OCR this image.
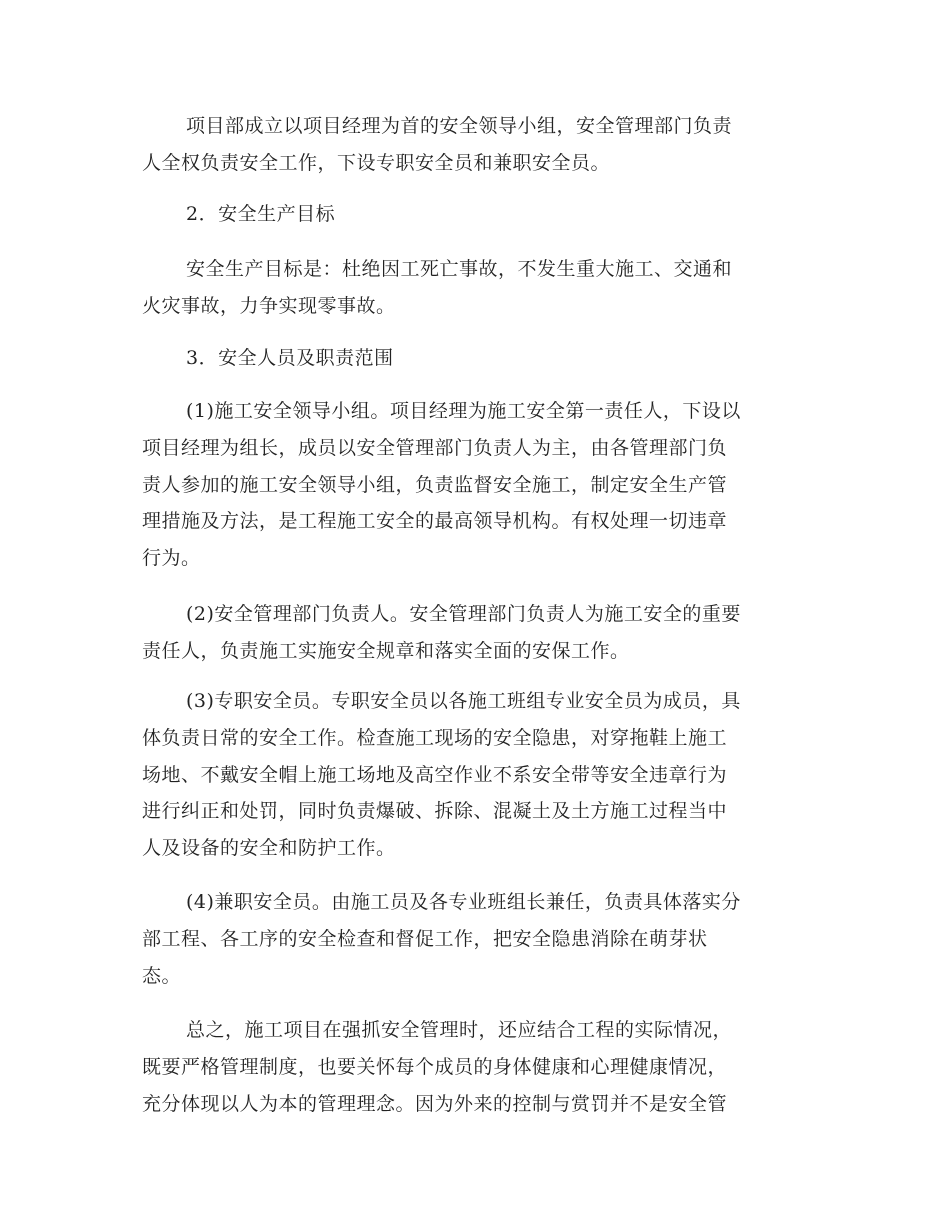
项目部成立以项目经理为首的安全领导小组，安全管理部门负责
人全权负责安全工作，下设专职安全员和兼职安全员。

2．安全生产目标

安全生产目标是：杜绝因工死亡事故，不发生重大施工、交通和
火灾事故，力争实现零事故。

3．安全人员及职责范围

(1)施工安全领导小组。项目经理为施工安全第一责任人，下设以
项目经理为组长，成员以安全管理部门负责人为主，由各管理部门负
责人参加的施工安全领导小组，负责监督安全施工，制定安全生产管
理措施及方法，是工程施工安全的最高领导机构。有权处理一切违章
行为。

(2)安全管理部门负责人。安全管理部门负责人为施工安全的重要
责任人，负责施工实施安全规章和落实全面的安保工作。

(3)专职安全员。专职安全员以各施工班组专业安全员为成员，具
体负责日常的安全工作。检查施工现场的安全隐患，对穿拖鞋上施工
场地、不戴安全帽上施工场地及高空作业不系安全带等安全违章行为
进行纠正和处罚，同时负责爆破、拆除、混凝土及土方施工过程当中
人及设备的安全和防护工作。

(4)兼职安全员。由施工员及各专业班组长兼任，负责具体落实分
部工程、各工序的安全检查和督促工作，把安全隐患消除在萌芽状
态。

总之，施工项目在强抓安全管理时，还应结合工程的实际情况，
既要严格管理制度，也要关怀每个成员的身体健康和心理健康情况，
充分体现以人为本的管理理念。因为外来的控制与赏罚并不是安全管
